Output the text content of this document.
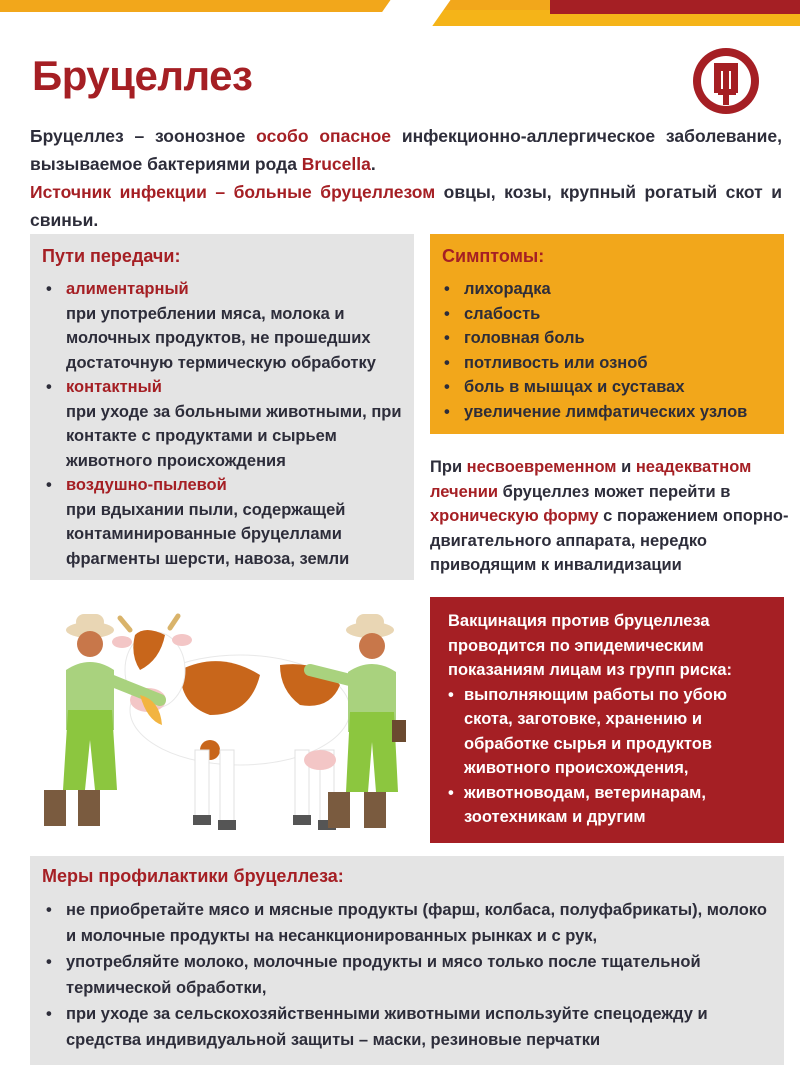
Бруцеллез
Бруцеллез – зоонозное особо опасное инфекционно-аллергическое заболевание, вызываемое бактериями рода Brucella.
Источник инфекции – больные бруцеллезом овцы, козы, крупный рогатый скот и свиньи.
Пути передачи:
• алиментарный
при употреблении мяса, молока и молочных продуктов, не прошедших достаточную термическую обработку
• контактный
при уходе за больными животными, при контакте с продуктами и сырьем животного происхождения
• воздушно-пылевой
при вдыхании пыли, содержащей контаминированные бруцеллами фрагменты шерсти, навоза, земли
Симптомы:
• лихорадка
• слабость
• головная боль
• потливость или озноб
• боль в мышцах и суставах
• увеличение лимфатических узлов
При несвоевременном и неадекватном лечении бруцеллез может перейти в хроническую форму с поражением опорно-двигательного аппарата, нередко приводящим к инвалидизации

Вакцинация против бруцеллеза проводится по эпидемическим показаниям лицам из групп риска:

• выполняющим работы по убою скота, заготовке, хранению и обработке сырья и продуктов животного происхождения,
• животноводам, ветеринарам, зоотехникам и другим
Меры профилактики бруцеллеза:
• не приобретайте мясо и мясные продукты (фарш, колбаса, полуфабрикаты), молоко и молочные продукты на несанкционированных рынках и с рук,
• употребляйте молоко, молочные продукты и мясо только после тщательной термической обработки,
• при уходе за сельскохозяйственными животными используйте спецодежду и средства индивидуальной защиты – маски, резиновые перчатки
